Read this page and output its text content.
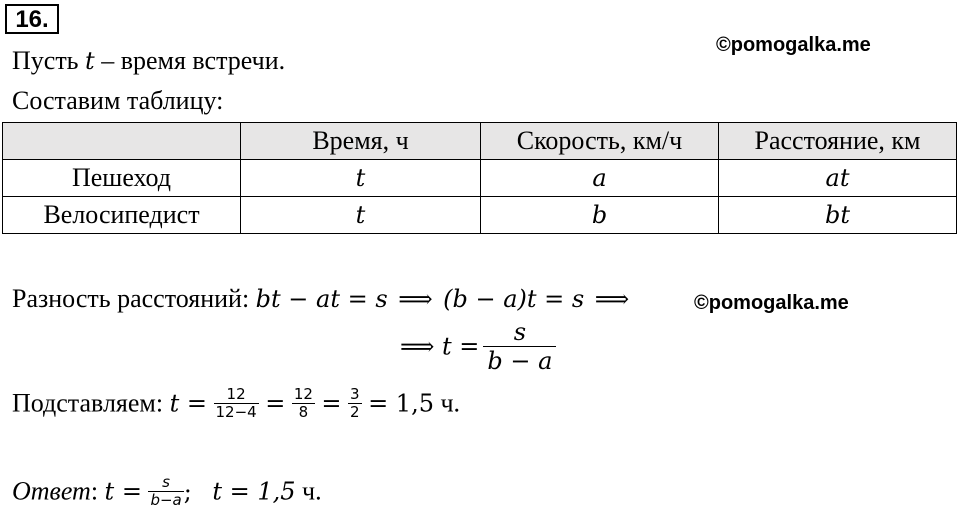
16.
©pomogalka.me
©pomogalka.me
Пусть t – время встречи.
Составим таблицу:
	Время, ч	Скорость, км/ч	Расстояние, км
Пешеход	t	a	at
Велосипедист	t	b	bt
Разность расстояний: bt − at = s ⟹ (b − a)t = s ⟹
⟹ $t = \frac{s}{b - a}$
Подставляем: $t = \frac{12}{12-4} = \frac{12}{8} = \frac{3}{2} = 1,5$ ч.
Ответ: $t = \frac{s}{b-a}$ ; t = 1,5 ч.
